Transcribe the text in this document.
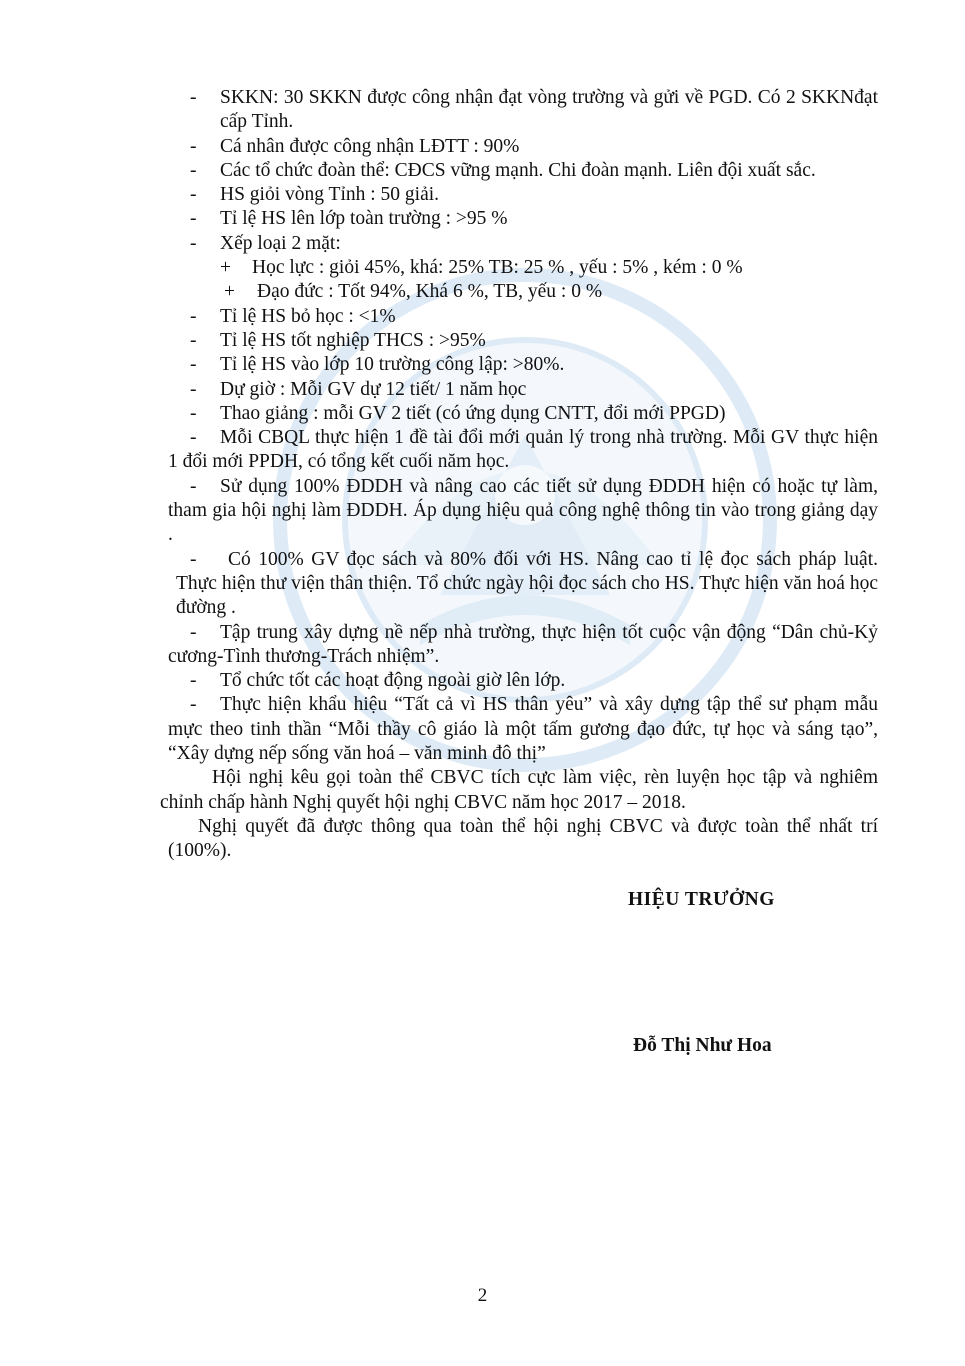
- SKKN: 30 SKKN được công nhận đạt vòng trường và gửi về PGD. Có 2 SKKNđạt cấp Tỉnh.
- Cá nhân được công nhận LĐTT : 90%
- Các tổ chức đoàn thể: CĐCS vững mạnh. Chi đoàn mạnh. Liên đội xuất sắc.
- HS giỏi vòng Tỉnh : 50 giải.
- Tỉ lệ HS lên lớp toàn trường : >95 %
- Xếp loại 2 mặt:
+ Học lực : giỏi 45%, khá: 25% TB: 25 % , yếu : 5% , kém : 0 %
+ Đạo đức : Tốt 94%, Khá 6 %, TB, yếu : 0 %
- Tỉ lệ HS bỏ học : <1%
- Tỉ lệ HS tốt nghiệp THCS : >95%
- Tỉ lệ HS vào lớp 10 trường công lập: >80%.
- Dự giờ : Mỗi GV dự 12 tiết/ 1 năm học
- Thao giảng : mỗi GV 2 tiết (có ứng dụng CNTT, đổi mới PPGD)
- Mỗi CBQL thực hiện 1 đề tài đổi mới quản lý trong nhà trường. Mỗi GV thực hiện 1 đổi mới PPDH, có tổng kết cuối năm học.
- Sử dụng 100% ĐDDH và nâng cao các tiết sử dụng ĐDDH hiện có hoặc tự làm, tham gia hội nghị làm ĐDDH. Áp dụng hiệu quả công nghệ thông tin vào trong giảng dạy .
- Có 100% GV đọc sách và 80% đối với HS. Nâng cao tỉ lệ đọc sách pháp luật. Thực hiện thư viện thân thiện. Tổ chức ngày hội đọc sách cho HS. Thực hiện văn hoá học đường .
- Tập trung xây dựng nề nếp nhà trường, thực hiện tốt cuộc vận động “Dân chủ-Kỷ cương-Tình thương-Trách nhiệm”.
- Tổ chức tốt các hoạt động ngoài giờ lên lớp.
- Thực hiện khẩu hiệu “Tất cả vì HS thân yêu” và xây dựng tập thể sư phạm mẫu mực theo tinh thần “Mỗi thầy cô giáo là một tấm gương đạo đức, tự học và sáng tạo”, “Xây dựng nếp sống văn hoá – văn minh đô thị”
Hội nghị kêu gọi toàn thể CBVC tích cực làm việc, rèn luyện học tập và nghiêm chỉnh chấp hành Nghị quyết hội nghị CBVC năm học 2017 – 2018.
Nghị quyết đã được thông qua toàn thể hội nghị CBVC và được toàn thể nhất trí (100%).
HIỆU TRƯỞNG
Đỗ Thị Như Hoa
2
